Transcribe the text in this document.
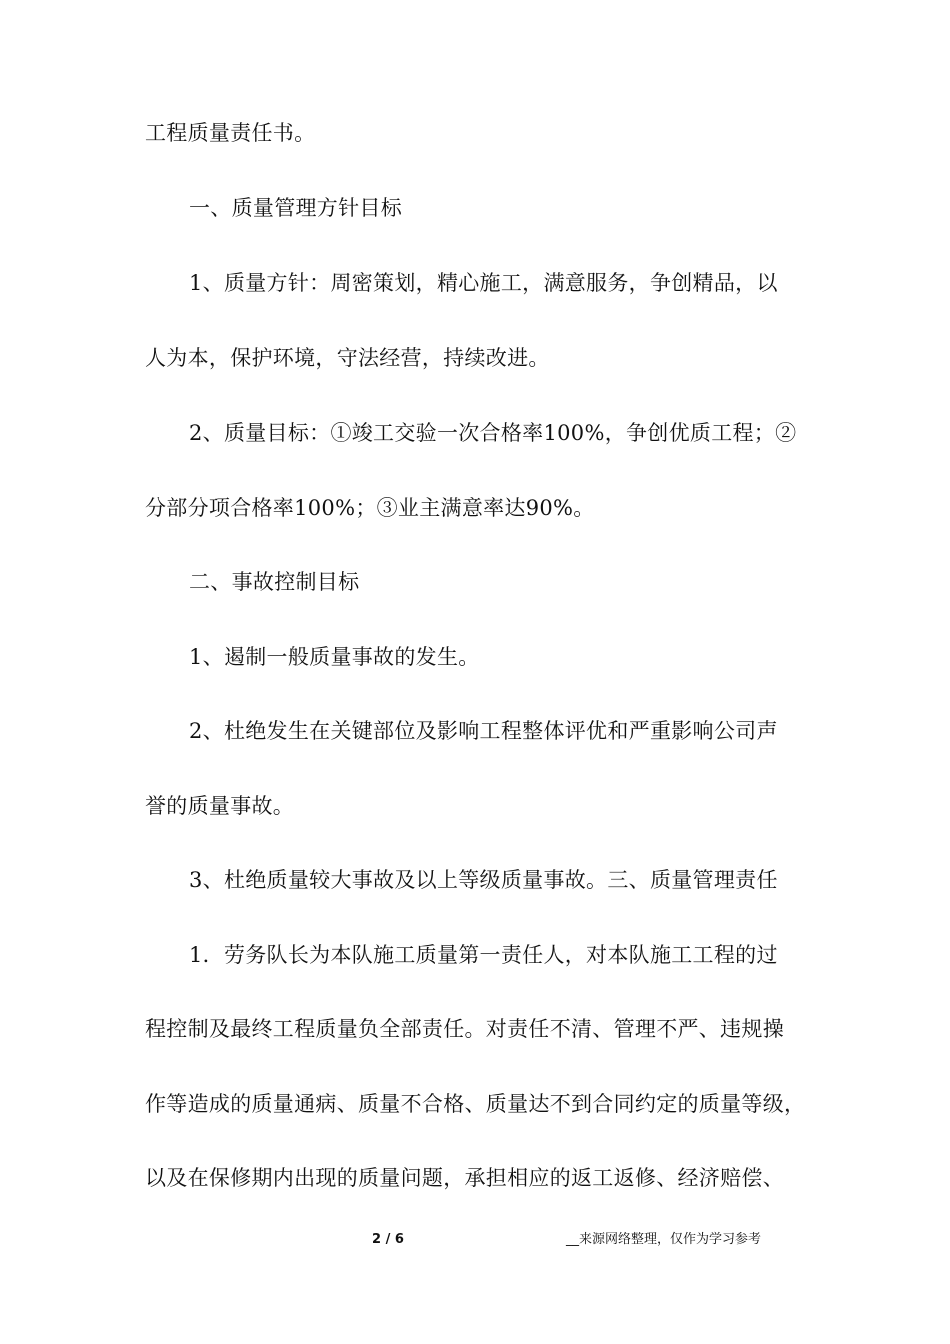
工程质量责任书。
一、质量管理方针目标
1、质量方针：周密策划，精心施工，满意服务，争创精品，以
人为本，保护环境，守法经营，持续改进。
2、质量目标：①竣工交验一次合格率100%，争创优质工程；②
分部分项合格率100%；③业主满意率达90%。
二、事故控制目标
1、遏制一般质量事故的发生。
2、杜绝发生在关键部位及影响工程整体评优和严重影响公司声
誉的质量事故。
3、杜绝质量较大事故及以上等级质量事故。三、质量管理责任
1．劳务队长为本队施工质量第一责任人，对本队施工工程的过
程控制及最终工程质量负全部责任。对责任不清、管理不严、违规操
作等造成的质量通病、质量不合格、质量达不到合同约定的质量等级，
以及在保修期内出现的质量问题，承担相应的返工返修、经济赔偿、
2 / 6	__来源网络整理，仅作为学习参考
